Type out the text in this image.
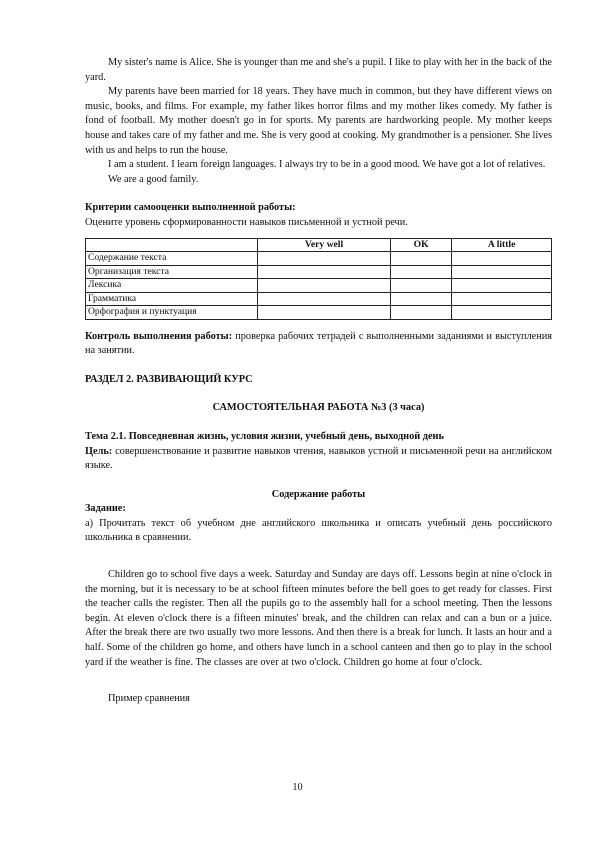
My sister's name is Alice. She is younger than me and she's a pupil. I like to play with her in the back of the yard.

My parents have been married for 18 years. They have much in common, but they have different views on music, books, and films. For example, my father likes horror films and my mother likes comedy. My father is fond of football. My mother doesn't go in for sports. My parents are hardworking people. My mother keeps house and takes care of my father and me. She is very good at cooking. My grandmother is a pensioner. She lives with us and helps to run the house.

I am a student. I learn foreign languages. I always try to be in a good mood. We have got a lot of relatives.

We are a good family.

Критерии самооценки выполненной работы:

Оцените уровень сформированности навыков письменной и устной речи.

	Very well	OK	A little
Содержание текста			
Организация текста			
Лексика			
Грамматика			
Орфография и пунктуация			

Контроль выполнения работы: проверка рабочих тетрадей с выполненными заданиями и выступления на занятии.

РАЗДЕЛ 2. РАЗВИВАЮЩИЙ КУРС

САМОСТОЯТЕЛЬНАЯ РАБОТА №3 (3 часа)

Тема 2.1. Повседневная жизнь, условия жизни, учебный день, выходной день

Цель: совершенствование и развитие навыков чтения, навыков устной и письменной речи на английском языке.

Содержание работы

Задание:

а) Прочитать текст об учебном дне английского школьника и описать учебный день российского школьника в сравнении.

Children go to school five days a week. Saturday and Sunday are days off. Lessons begin at nine o'clock in the morning, but it is necessary to be at school fifteen minutes before the bell goes to get ready for classes. First the teacher calls the register. Then all the pupils go to the assembly hall for a school meeting. Then the lessons begin. At eleven o'clock there is a fifteen minutes' break, and the children can relax and can a bun or a juice. After the break there are two usually two more lessons. And then there is a break for lunch. It lasts an hour and a half. Some of the children go home, and others have lunch in a school canteen and then go to play in the school yard if the weather is fine. The classes are over at two o'clock. Children go home at four o'clock.

Пример сравнения

10
